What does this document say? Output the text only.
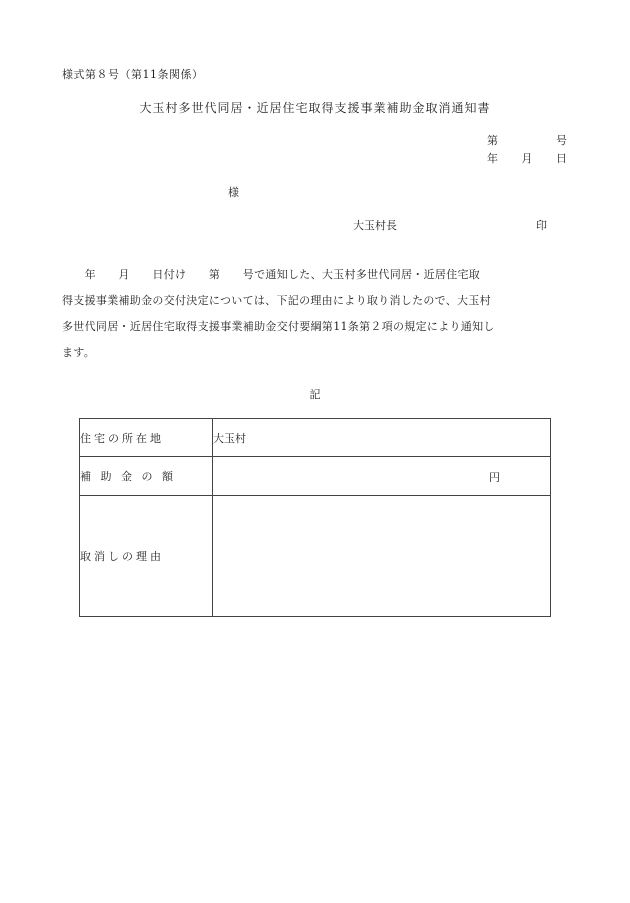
様式第８号（第11条関係）
大玉村多世代同居・近居住宅取得支援事業補助金取消通知書
第	号
年 月 日
様
大玉村長	印
　　年　　月　　日付け　　第　　号で通知した、大玉村多世代同居・近居住宅取
得支援事業補助金の交付決定については、下記の理由により取り消したので、大玉村
多世代同居・近居住宅取得支援事業補助金交付要綱第11条第２項の規定により通知し
ます。
記
住宅の所在地	大玉村
補 助 金 の 額	円

取消しの理由	
